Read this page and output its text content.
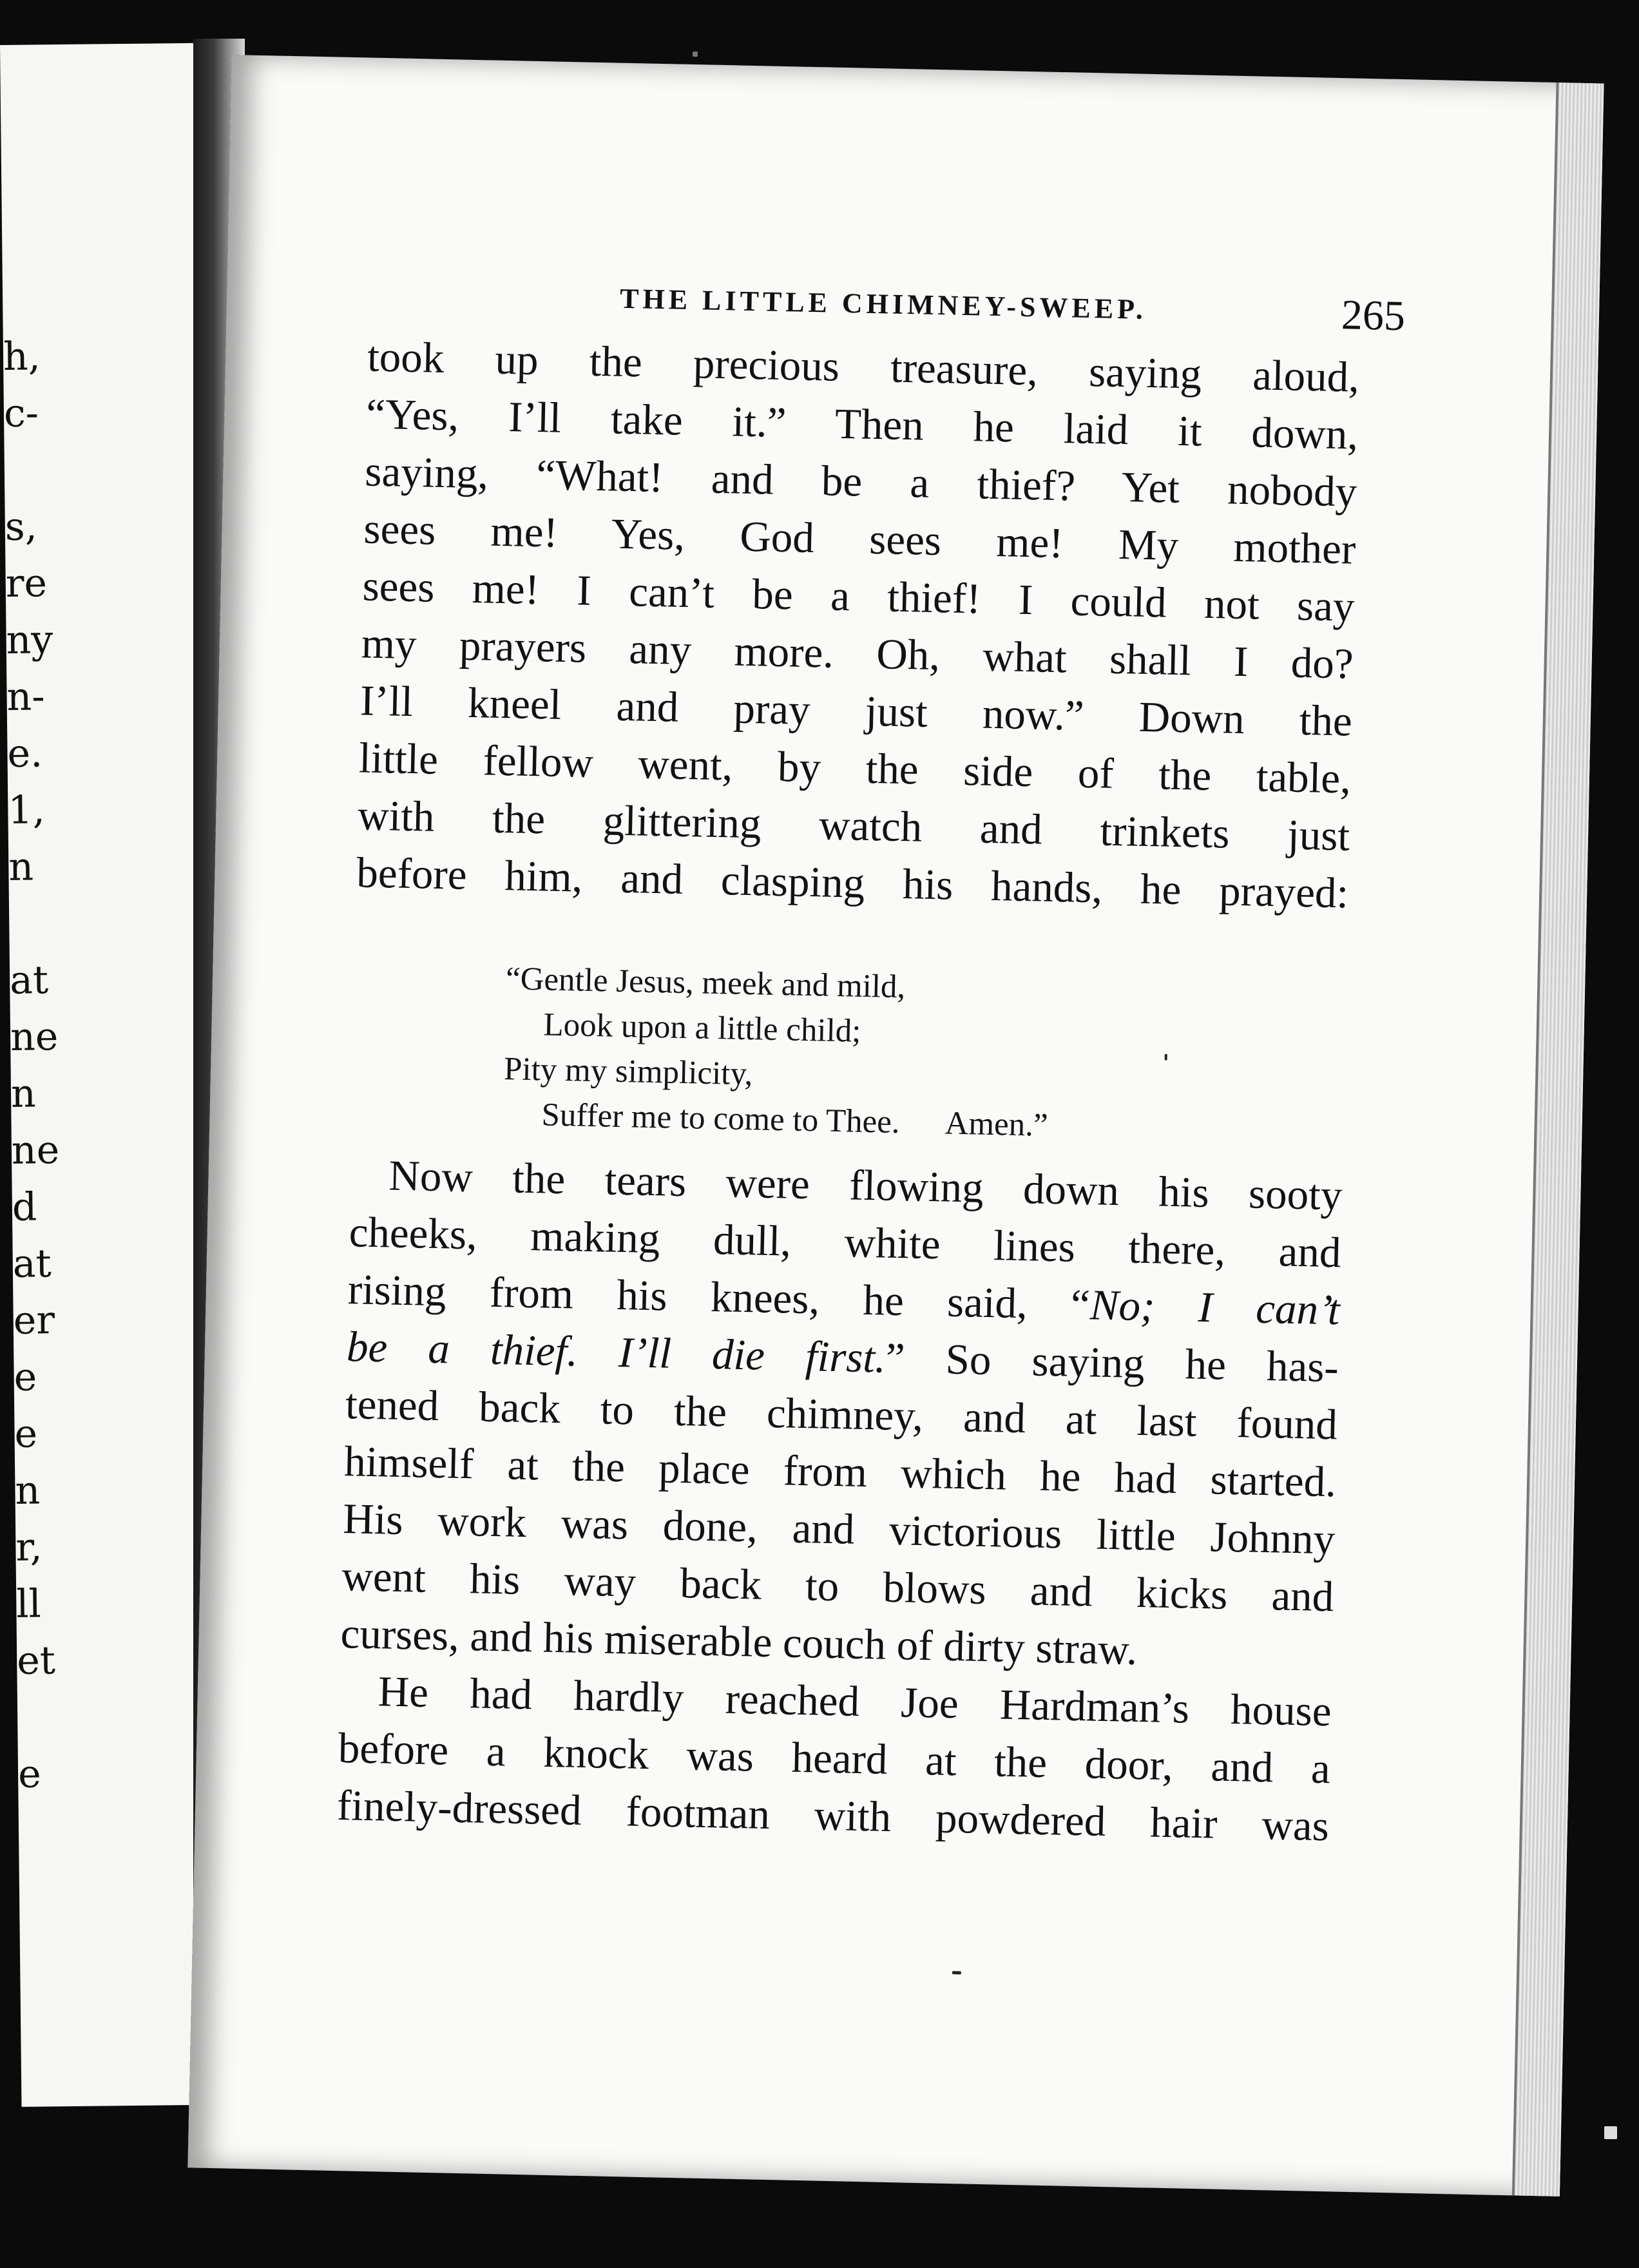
h,
c-
s,
re
ny
n-
e.
1,
n
at
ne
n
ne
d
at
er
e
e
n
r,
ll
et
e
THE LITTLE CHIMNEY-SWEEP.	265
took up the precious treasure, saying aloud,
“Yes, I’ll take it.” Then he laid it down,
saying, “What! and be a thief? Yet nobody
sees me! Yes, God sees me! My mother
sees me! I can’t be a thief! I could not say
my prayers any more. Oh, what shall I do?
I’ll kneel and pray just now.” Down the
little fellow went, by the side of the table,
with the glittering watch and trinkets just
before him, and clasping his hands, he prayed:
“Gentle Jesus, meek and mild,
Look upon a little child;
Pity my simplicity,
Suffer me to come to Thee. Amen.”
Now the tears were flowing down his sooty
cheeks, making dull, white lines there, and
rising from his knees, he said, “No; I can’t
be a thief. I’ll die first.” So saying he has-
tened back to the chimney, and at last found
himself at the place from which he had started.
His work was done, and victorious little Johnny
went his way back to blows and kicks and
curses, and his miserable couch of dirty straw.
He had hardly reached Joe Hardman’s house
before a knock was heard at the door, and a
finely-dressed footman with powdered hair was
